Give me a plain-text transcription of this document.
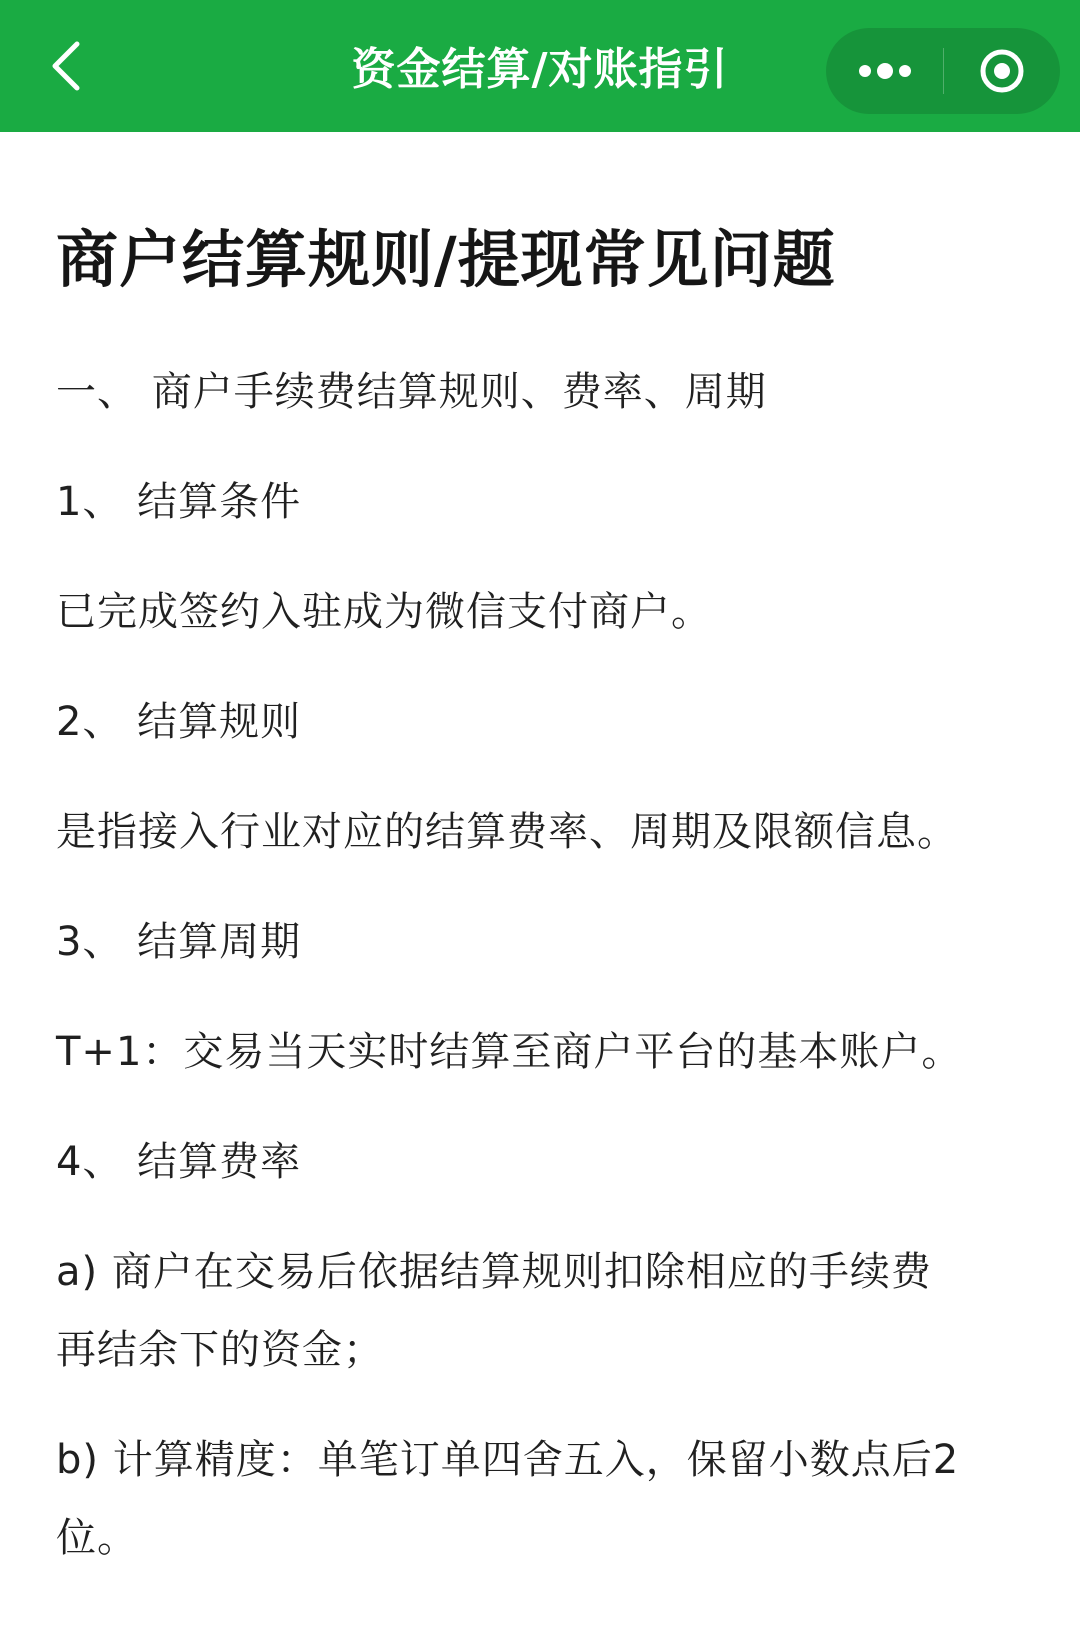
资金结算/对账指引
商户结算规则/提现常见问题
一、 商户手续费结算规则、费率、周期
1、 结算条件
已完成签约入驻成为微信支付商户。
2、 结算规则
是指接入行业对应的结算费率、周期及限额信息。
3、 结算周期
T+1：交易当天实时结算至商户平台的基本账户。
4、 结算费率
a) 商户在交易后依据结算规则扣除相应的手续费
再结余下的资金；
b) 计算精度：单笔订单四舍五入，保留小数点后2
位。
